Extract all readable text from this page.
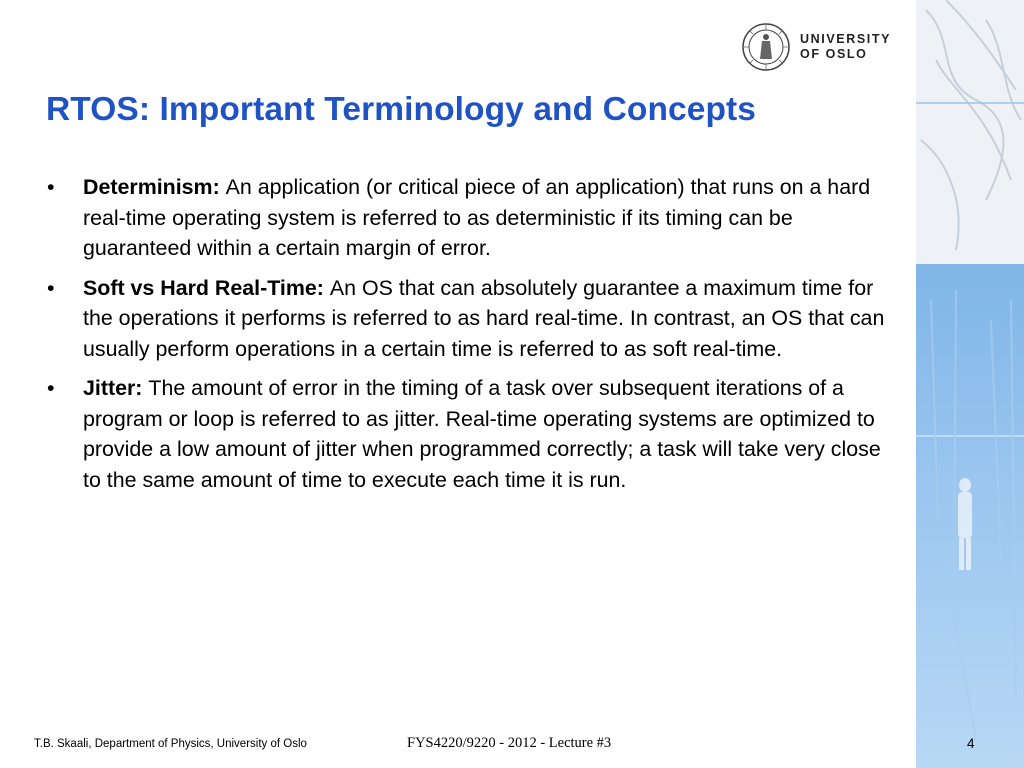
UNIVERSITY
OF OSLO
RTOS: Important Terminology and Concepts
• Determinism: An application (or critical piece of an application) that runs on a hard real-time operating system is referred to as deterministic if its timing can be guaranteed within a certain margin of error.
• Soft vs Hard Real-Time: An OS that can absolutely guarantee a maximum time for the operations it performs is referred to as hard real-time. In contrast, an OS that can usually perform operations in a certain time is referred to as soft real-time.
• Jitter: The amount of error in the timing of a task over subsequent iterations of a program or loop is referred to as jitter. Real-time operating systems are optimized to provide a low amount of jitter when programmed correctly; a task will take very close to the same amount of time to execute each time it is run.
T.B. Skaali, Department of Physics, University of Oslo	FYS4220/9220 - 2012 - Lecture #3	4
